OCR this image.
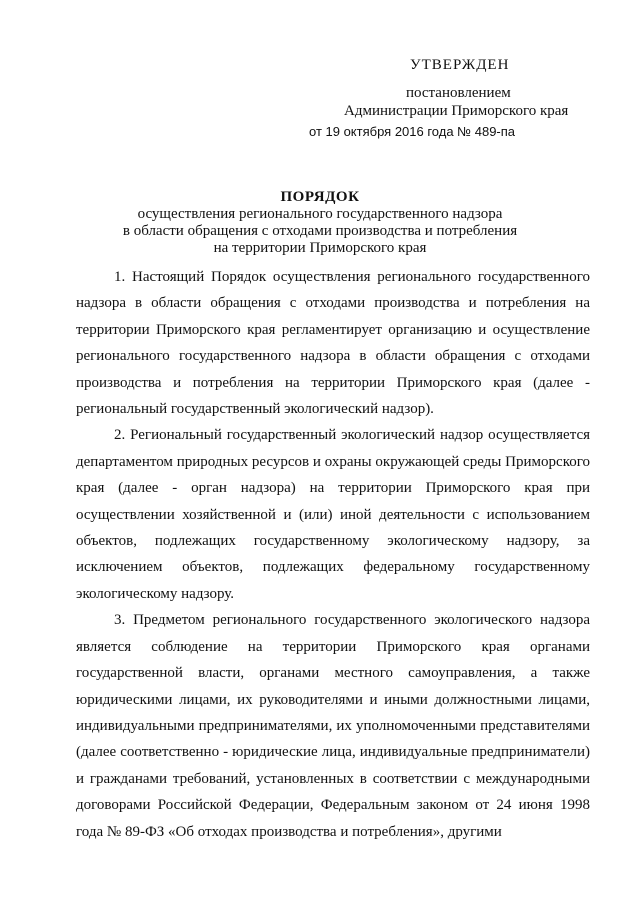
УТВЕРЖДЕН
постановлением
Администрации Приморского края
от 19 октября 2016 года № 489-па
ПОРЯДОК
осуществления регионального государственного надзора
в области обращения с отходами производства и потребления
на территории Приморского края

1. Настоящий Порядок осуществления регионального государственного надзора в области обращения с отходами производства и потребления на территории Приморского края регламентирует организацию и осуществление регионального государственного надзора в области обращения с отходами производства и потребления на территории Приморского края (далее - региональный государственный экологический надзор).

2. Региональный государственный экологический надзор осуществляется департаментом природных ресурсов и охраны окружающей среды Приморского края (далее - орган надзора) на территории Приморского края при осуществлении хозяйственной и (или) иной деятельности с использованием объектов, подлежащих государственному экологическому надзору, за исключением объектов, подлежащих федеральному государственному экологическому надзору.

3. Предметом регионального государственного экологического надзора является соблюдение на территории Приморского края органами государственной власти, органами местного самоуправления, а также юридическими лицами, их руководителями и иными должностными лицами, индивидуальными предпринимателями, их уполномоченными представителями (далее соответственно - юридические лица, индивидуальные предприниматели) и гражданами требований, установленных в соответствии с международными договорами Российской Федерации, Федеральным законом от 24 июня 1998 года № 89-ФЗ «Об отходах производства и потребления», другими
